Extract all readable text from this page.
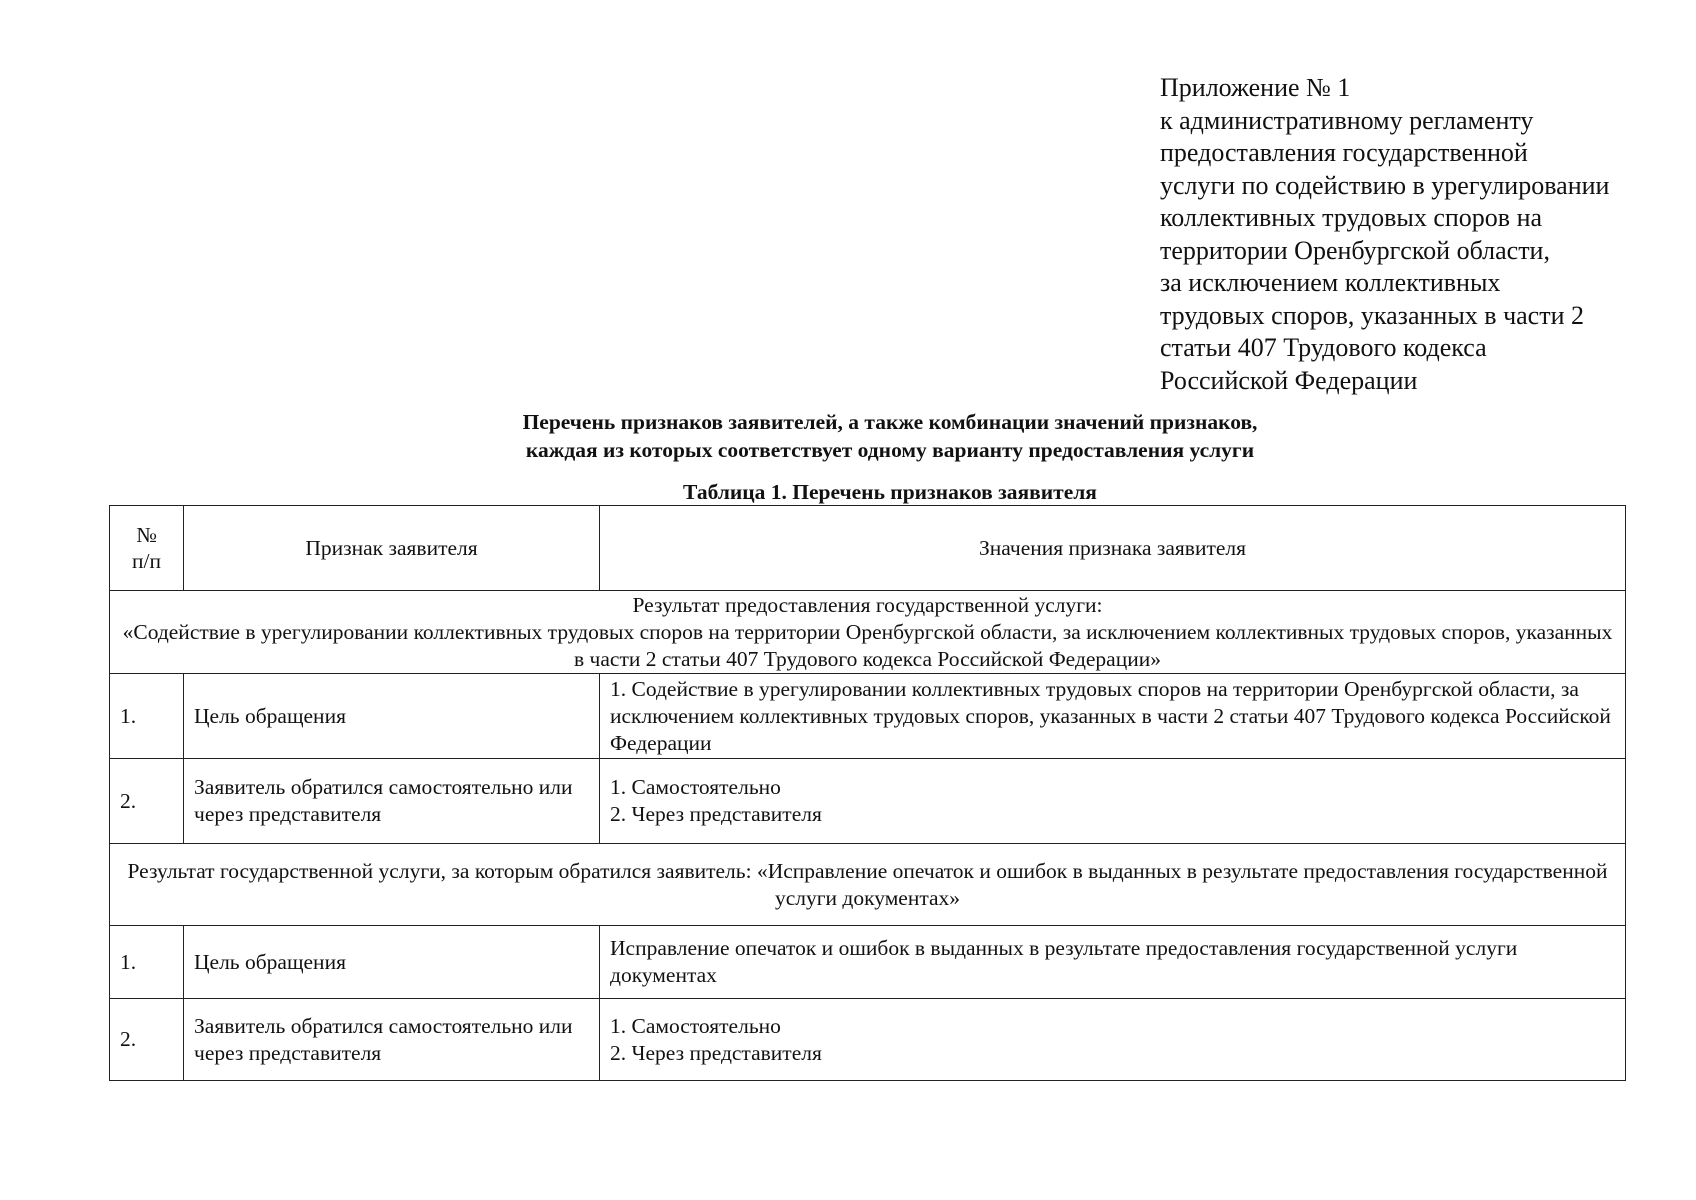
Приложение № 1
к административному регламенту
предоставления государственной
услуги по содействию в урегулировании
коллективных трудовых споров на
территории Оренбургской области,
за исключением коллективных
трудовых споров, указанных в части 2
статьи 407 Трудового кодекса
Российской Федерации
Перечень признаков заявителей, а также комбинации значений признаков,
каждая из которых соответствует одному варианту предоставления услуги
Таблица 1. Перечень признаков заявителя
№
п/п	Признак заявителя	Значения признака заявителя

Результат предоставления государственной услуги:
«Содействие в урегулировании коллективных трудовых споров на территории Оренбургской области, за исключением коллективных трудовых споров, указанных в части 2 статьи 407 Трудового кодекса Российской Федерации»		

1.	Цель обращения	1. Содействие в урегулировании коллективных трудовых споров на территории Оренбургской области, за исключением коллективных трудовых споров, указанных в части 2 статьи 407 Трудового кодекса Российской Федерации

2.	Заявитель обратился самостоятельно или через представителя	1. Самостоятельно
2. Через представителя

Результат государственной услуги, за которым обратился заявитель: «Исправление опечаток и ошибок в выданных в результате предоставления государственной услуги документах»		

1.	Цель обращения	Исправление опечаток и ошибок в выданных в результате предоставления государственной услуги документах

2.	Заявитель обратился самостоятельно или через представителя	1. Самостоятельно
2. Через представителя
